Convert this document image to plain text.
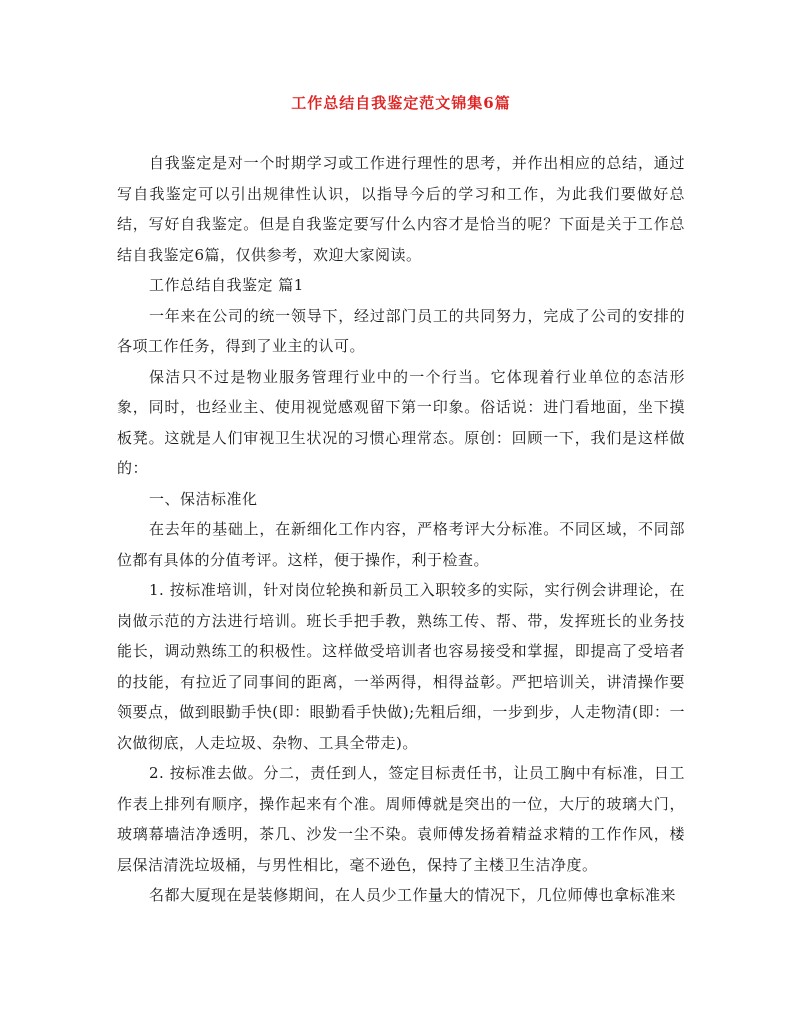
工作总结自我鉴定范文锦集6篇

自我鉴定是对一个时期学习或工作进行理性的思考，并作出相应的总结，通过写自我鉴定可以引出规律性认识，以指导今后的学习和工作，为此我们要做好总结，写好自我鉴定。但是自我鉴定要写什么内容才是恰当的呢？下面是关于工作总结自我鉴定6篇，仅供参考，欢迎大家阅读。

工作总结自我鉴定 篇1

一年来在公司的统一领导下，经过部门员工的共同努力，完成了公司的安排的各项工作任务，得到了业主的认可。

保洁只不过是物业服务管理行业中的一个行当。它体现着行业单位的态洁形象，同时，也经业主、使用视觉感观留下第一印象。俗话说：进门看地面，坐下摸板凳。这就是人们审视卫生状况的习惯心理常态。原创：回顾一下，我们是这样做的：

一、保洁标准化

在去年的基础上，在新细化工作内容，严格考评大分标准。不同区域，不同部位都有具体的分值考评。这样，便于操作，利于检查。

1. 按标准培训，针对岗位轮换和新员工入职较多的实际，实行例会讲理论，在岗做示范的方法进行培训。班长手把手教，熟练工传、帮、带，发挥班长的业务技能长，调动熟练工的积极性。这样做受培训者也容易接受和掌握，即提高了受培者的技能，有拉近了同事间的距离，一举两得，相得益彰。严把培训关，讲清操作要领要点，做到眼勤手快(即：眼勤看手快做);先粗后细，一步到步，人走物清(即：一次做彻底，人走垃圾、杂物、工具全带走)。

2. 按标准去做。分二，责任到人，签定目标责任书，让员工胸中有标准，日工作表上排列有顺序，操作起来有个准。周师傅就是突出的一位，大厅的玻璃大门，玻璃幕墙洁净透明，茶几、沙发一尘不染。袁师傅发扬着精益求精的工作作风，楼层保洁清洗垃圾桶，与男性相比，毫不逊色，保持了主楼卫生洁净度。

名都大厦现在是装修期间，在人员少工作量大的情况下，几位师傅也拿标准来
